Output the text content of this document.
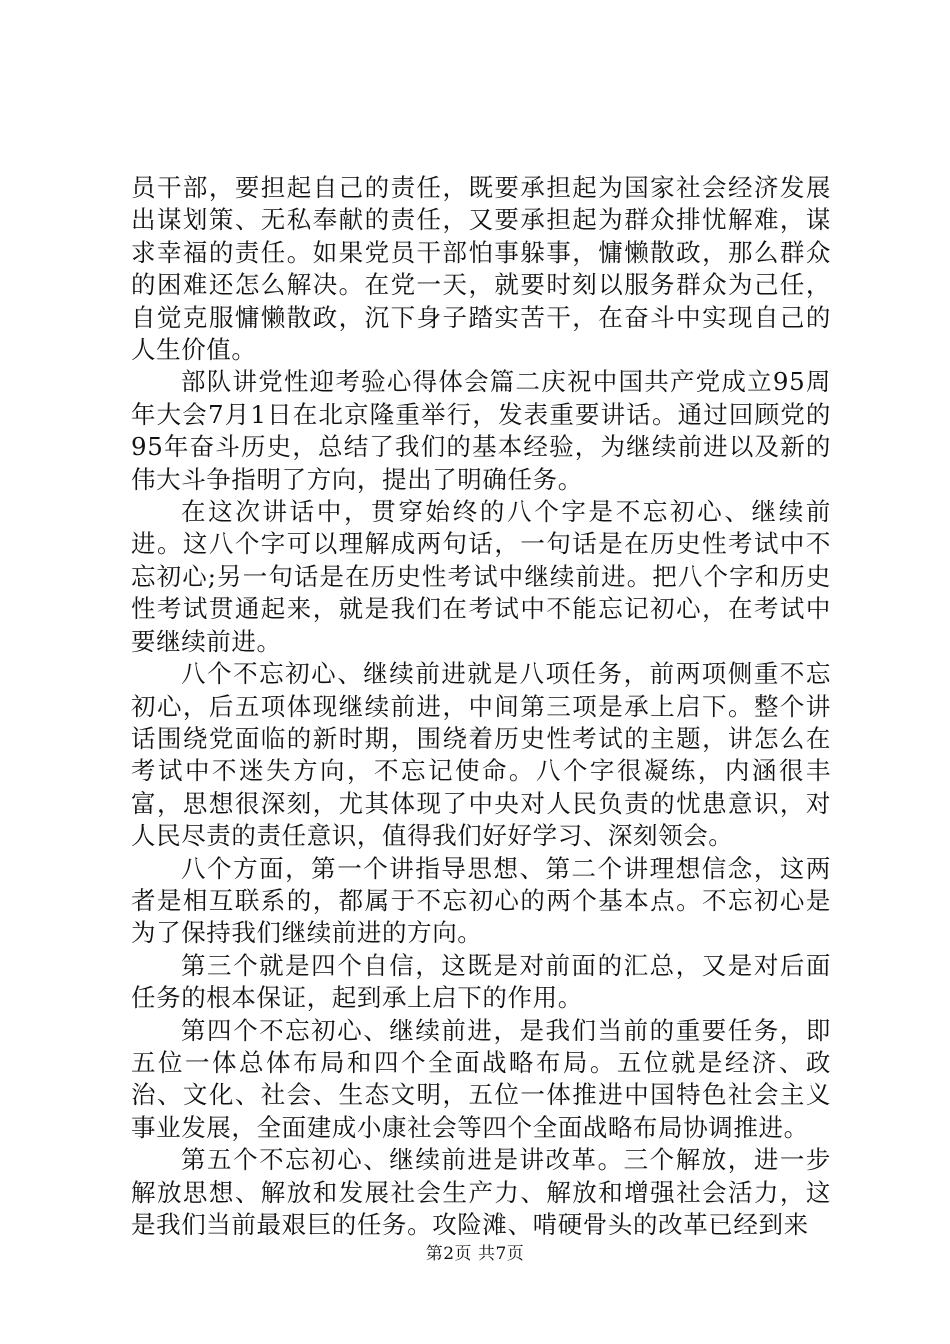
员干部，要担起自己的责任，既要承担起为国家社会经济发展出谋划策、无私奉献的责任，又要承担起为群众排忧解难，谋求幸福的责任。如果党员干部怕事躲事，慵懒散政，那么群众的困难还怎么解决。在党一天，就要时刻以服务群众为己任，自觉克服慵懒散政，沉下身子踏实苦干，在奋斗中实现自己的人生价值。

部队讲党性迎考验心得体会篇二庆祝中国共产党成立95周年大会7月1日在北京隆重举行，发表重要讲话。通过回顾党的95年奋斗历史，总结了我们的基本经验，为继续前进以及新的伟大斗争指明了方向，提出了明确任务。

在这次讲话中，贯穿始终的八个字是不忘初心、继续前进。这八个字可以理解成两句话，一句话是在历史性考试中不忘初心;另一句话是在历史性考试中继续前进。把八个字和历史性考试贯通起来，就是我们在考试中不能忘记初心，在考试中要继续前进。

八个不忘初心、继续前进就是八项任务，前两项侧重不忘初心，后五项体现继续前进，中间第三项是承上启下。整个讲话围绕党面临的新时期，围绕着历史性考试的主题，讲怎么在考试中不迷失方向，不忘记使命。八个字很凝练，内涵很丰富，思想很深刻，尤其体现了中央对人民负责的忧患意识，对人民尽责的责任意识，值得我们好好学习、深刻领会。

八个方面，第一个讲指导思想、第二个讲理想信念，这两者是相互联系的，都属于不忘初心的两个基本点。不忘初心是为了保持我们继续前进的方向。

第三个就是四个自信，这既是对前面的汇总，又是对后面任务的根本保证，起到承上启下的作用。

第四个不忘初心、继续前进，是我们当前的重要任务，即五位一体总体布局和四个全面战略布局。五位就是经济、政治、文化、社会、生态文明，五位一体推进中国特色社会主义事业发展，全面建成小康社会等四个全面战略布局协调推进。

第五个不忘初心、继续前进是讲改革。三个解放，进一步解放思想、解放和发展社会生产力、解放和增强社会活力，这是我们当前最艰巨的任务。攻险滩、啃硬骨头的改革已经到来

第2页 共7页
